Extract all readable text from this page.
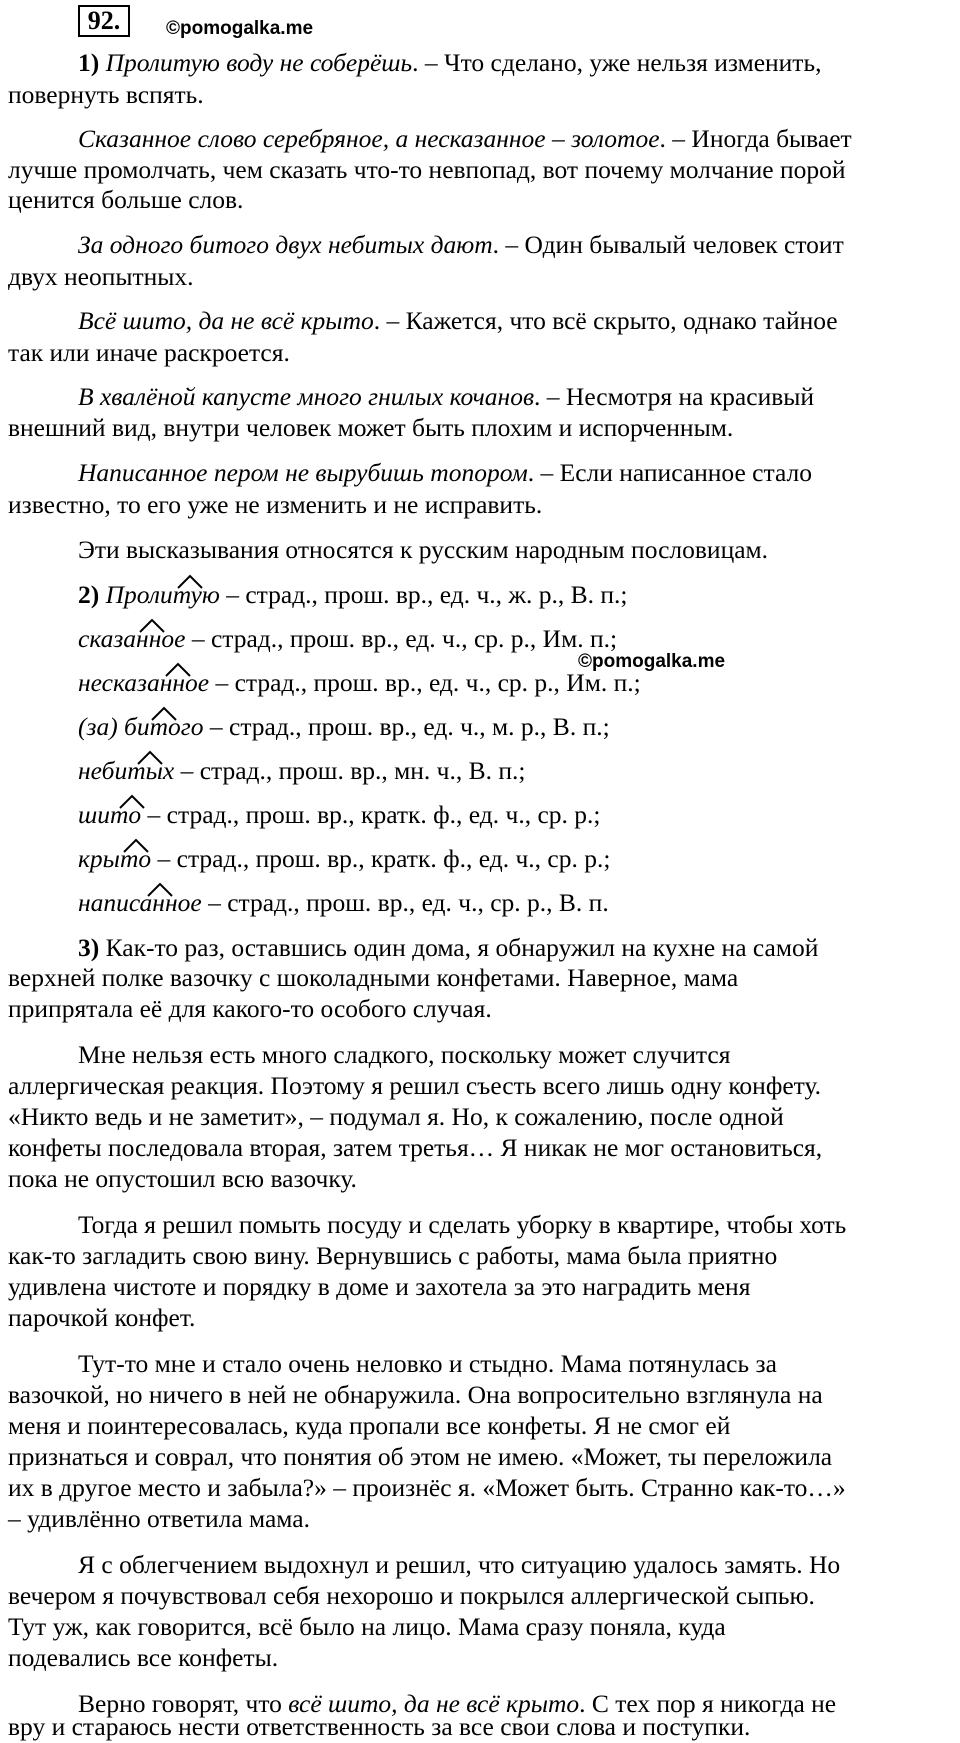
92.	©pomogalka.me
1) Пролитую воду не соберёшь. – Что сделано, уже нельзя изменить,
повернуть вспять.
Сказанное слово серебряное, а несказанное – золотое. – Иногда бывает
лучше промолчать, чем сказать что-то невпопад, вот почему молчание порой
ценится больше слов.
За одного битого двух небитых дают. – Один бывалый человек стоит
двух неопытных.
Всё шито, да не всё крыто. – Кажется, что всё скрыто, однако тайное
так или иначе раскроется.
В хвалёной капусте много гнилых кочанов. – Несмотря на красивый
внешний вид, внутри человек может быть плохим и испорченным.
Написанное пером не вырубишь топором. – Если написанное стало
известно, то его уже не изменить и не исправить.
Эти высказывания относятся к русским народным пословицам.
2) Пролитую – страд., прош. вр., ед. ч., ж. р., В. п.;
сказанное – страд., прош. вр., ед. ч., ср. р., Им. п.;
©pomogalka.me
несказанное – страд., прош. вр., ед. ч., ср. р., Им. п.;
(за) битого – страд., прош. вр., ед. ч., м. р., В. п.;
небитых – страд., прош. вр., мн. ч., В. п.;
шито – страд., прош. вр., кратк. ф., ед. ч., ср. р.;
крыто – страд., прош. вр., кратк. ф., ед. ч., ср. р.;
написанное – страд., прош. вр., ед. ч., ср. р., В. п.
3) Как-то раз, оставшись один дома, я обнаружил на кухне на самой
верхней полке вазочку с шоколадными конфетами. Наверное, мама
припрятала её для какого-то особого случая.
Мне нельзя есть много сладкого, поскольку может случится
аллергическая реакция. Поэтому я решил съесть всего лишь одну конфету.
«Никто ведь и не заметит», – подумал я. Но, к сожалению, после одной
конфеты последовала вторая, затем третья… Я никак не мог остановиться,
пока не опустошил всю вазочку.
Тогда я решил помыть посуду и сделать уборку в квартире, чтобы хоть
как-то загладить свою вину. Вернувшись с работы, мама была приятно
удивлена чистоте и порядку в доме и захотела за это наградить меня
парочкой конфет.
Тут-то мне и стало очень неловко и стыдно. Мама потянулась за
вазочкой, но ничего в ней не обнаружила. Она вопросительно взглянула на
меня и поинтересовалась, куда пропали все конфеты. Я не смог ей
признаться и соврал, что понятия об этом не имею. «Может, ты переложила
их в другое место и забыла?» – произнёс я. «Может быть. Странно как-то…»
– удивлённо ответила мама.
Я с облегчением выдохнул и решил, что ситуацию удалось замять. Но
вечером я почувствовал себя нехорошо и покрылся аллергической сыпью.
Тут уж, как говорится, всё было на лицо. Мама сразу поняла, куда
подевались все конфеты.
Верно говорят, что всё шито, да не всё крыто. С тех пор я никогда не
вру и стараюсь нести ответственность за все свои слова и поступки.
